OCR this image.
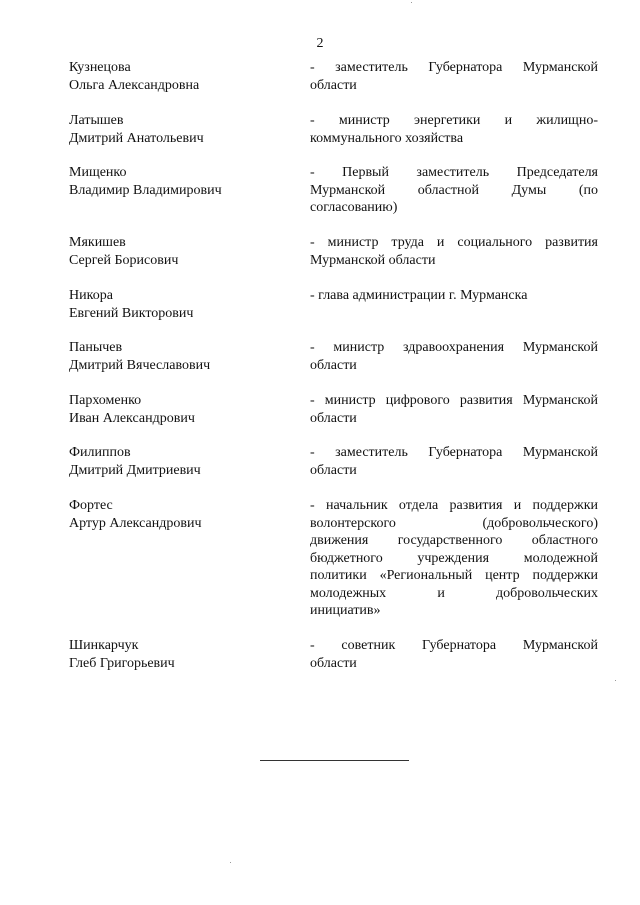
2
Кузнецова
Ольга Александровна
- заместитель Губернатора Мурманской
области
Латышев
Дмитрий Анатольевич
- министр энергетики и жилищно-
коммунального хозяйства
Мищенко
Владимир Владимирович
- Первый заместитель Председателя
Мурманской областной Думы (по
согласованию)
Мякишев
Сергей Борисович
- министр труда и социального развития
Мурманской области
Никора
Евгений Викторович
- глава администрации г. Мурманска
Панычев
Дмитрий Вячеславович
- министр здравоохранения Мурманской
области
Пархоменко
Иван Александрович
- министр цифрового развития Мурманской
области
Филиппов
Дмитрий Дмитриевич
- заместитель Губернатора Мурманской
области
Фортес
Артур Александрович
- начальник отдела развития и поддержки
волонтерского (добровольческого)
движения государственного областного
бюджетного учреждения молодежной
политики «Региональный центр поддержки
молодежных и добровольческих
инициатив»
Шинкарчук
Глеб Григорьевич
- советник Губернатора Мурманской
области
